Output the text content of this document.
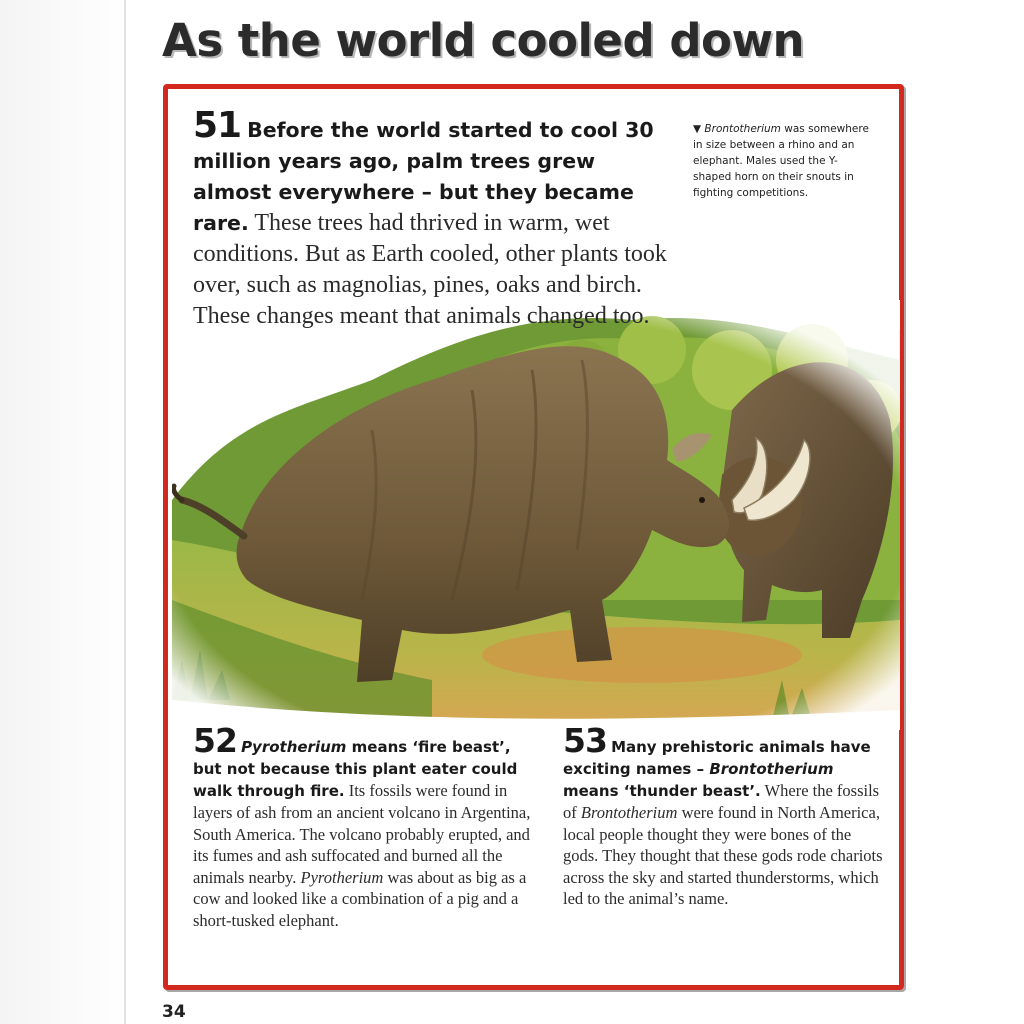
As the world cooled down
51 Before the world started to cool 30 million years ago, palm trees grew almost everywhere – but they became rare. These trees had thrived in warm, wet conditions. But as Earth cooled, other plants took over, such as magnolias, pines, oaks and birch. These changes meant that animals changed too.
▼ Brontotherium was somewhere in size between a rhino and an elephant. Males used the Y-shaped horn on their snouts in fighting competitions.
52 Pyrotherium means ‘fire beast’, but not because this plant eater could walk through fire. Its fossils were found in layers of ash from an ancient volcano in Argentina, South America. The volcano probably erupted, and its fumes and ash suffocated and burned all the animals nearby. Pyrotherium was about as big as a cow and looked like a combination of a pig and a short-tusked elephant.
53 Many prehistoric animals have exciting names – Brontotherium means ‘thunder beast’. Where the fossils of Brontotherium were found in North America, local people thought they were bones of the gods. They thought that these gods rode chariots across the sky and started thunderstorms, which led to the animal’s name.
34
